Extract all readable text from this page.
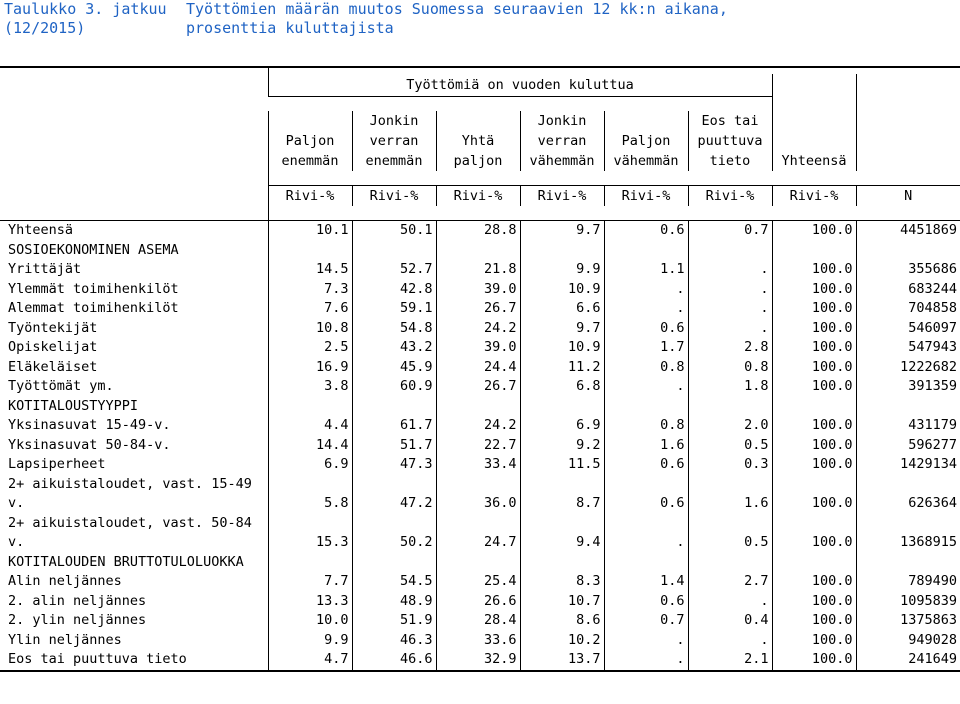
Taulukko 3. jatkuu
(12/2015)
Työttömien määrän muutos Suomessa seuraavien 12 kk:n aikana,
prosenttia kuluttajista

	Työttömiä on vuoden kuluttua							

		Jonkin		Jonkin		Eos tai		
	Paljon	verran	Yhtä	verran	Paljon	puuttuva		
	enemmän	enemmän	paljon	vähemmän	vähemmän	tieto	Yhteensä	

	Rivi-%	Rivi-%	Rivi-%	Rivi-%	Rivi-%	Rivi-%	Rivi-%	N

Yhteensä	10.1	50.1	28.8	9.7	0.6	0.7	100.0	4451869
SOSIOEKONOMINEN ASEMA								
Yrittäjät	14.5	52.7	21.8	9.9	1.1	.	100.0	355686
Ylemmät toimihenkilöt	7.3	42.8	39.0	10.9	.	.	100.0	683244
Alemmat toimihenkilöt	7.6	59.1	26.7	6.6	.	.	100.0	704858
Työntekijät	10.8	54.8	24.2	9.7	0.6	.	100.0	546097
Opiskelijat	2.5	43.2	39.0	10.9	1.7	2.8	100.0	547943
Eläkeläiset	16.9	45.9	24.4	11.2	0.8	0.8	100.0	1222682
Työttömät ym.	3.8	60.9	26.7	6.8	.	1.8	100.0	391359
KOTITALOUSTYYPPI								
Yksinasuvat 15-49-v.	4.4	61.7	24.2	6.9	0.8	2.0	100.0	431179
Yksinasuvat 50-84-v.	14.4	51.7	22.7	9.2	1.6	0.5	100.0	596277
Lapsiperheet	6.9	47.3	33.4	11.5	0.6	0.3	100.0	1429134
2+ aikuistaloudet, vast. 15-49								
v.	5.8	47.2	36.0	8.7	0.6	1.6	100.0	626364
2+ aikuistaloudet, vast. 50-84								
v.	15.3	50.2	24.7	9.4	.	0.5	100.0	1368915
KOTITALOUDEN BRUTTOTULOLUOKKA								
Alin neljännes	7.7	54.5	25.4	8.3	1.4	2.7	100.0	789490
2. alin neljännes	13.3	48.9	26.6	10.7	0.6	.	100.0	1095839
2. ylin neljännes	10.0	51.9	28.4	8.6	0.7	0.4	100.0	1375863
Ylin neljännes	9.9	46.3	33.6	10.2	.	.	100.0	949028
Eos tai puuttuva tieto	4.7	46.6	32.9	13.7	.	2.1	100.0	241649
